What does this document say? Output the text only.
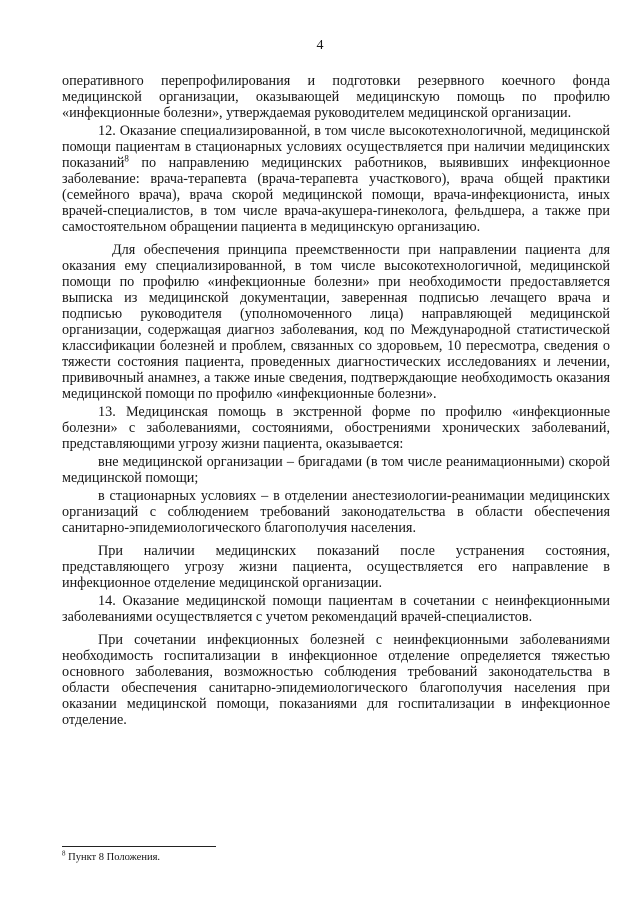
4

оперативного перепрофилирования и подготовки резервного коечного фонда медицинской организации, оказывающей медицинскую помощь по профилю «инфекционные болезни», утверждаемая руководителем медицинской организации.

12. Оказание специализированной, в том числе высокотехнологичной, медицинской помощи пациентам в стационарных условиях осуществляется при наличии медицинских показаний$^8$ по направлению медицинских работников, выявивших инфекционное заболевание: врача-терапевта (врача-терапевта участкового), врача общей практики (семейного врача), врача скорой медицинской помощи, врача-инфекциониста, иных врачей-специалистов, в том числе врача-акушера-гинеколога, фельдшера, а также при самостоятельном обращении пациента в медицинскую организацию.

Для обеспечения принципа преемственности при направлении пациента для оказания ему специализированной, в том числе высокотехнологичной, медицинской помощи по профилю «инфекционные болезни» при необходимости предоставляется выписка из медицинской документации, заверенная подписью лечащего врача и подписью руководителя (уполномоченного лица) направляющей медицинской организации, содержащая диагноз заболевания, код по Международной статистической классификации болезней и проблем, связанных со здоровьем, 10 пересмотра, сведения о тяжести состояния пациента, проведенных диагностических исследованиях и лечении, прививочный анамнез, а также иные сведения, подтверждающие необходимость оказания медицинской помощи по профилю «инфекционные болезни».

13. Медицинская помощь в экстренной форме по профилю «инфекционные болезни» с заболеваниями, состояниями, обострениями хронических заболеваний, представляющими угрозу жизни пациента, оказывается:

вне медицинской организации – бригадами (в том числе реанимационными) скорой медицинской помощи;

в стационарных условиях – в отделении анестезиологии-реанимации медицинских организаций с соблюдением требований законодательства в области обеспечения санитарно-эпидемиологического благополучия населения.

При наличии медицинских показаний после устранения состояния, представляющего угрозу жизни пациента, осуществляется его направление в инфекционное отделение медицинской организации.

14. Оказание медицинской помощи пациентам в сочетании с неинфекционными заболеваниями осуществляется с учетом рекомендаций врачей-специалистов.

При сочетании инфекционных болезней с неинфекционными заболеваниями необходимость госпитализации в инфекционное отделение определяется тяжестью основного заболевания, возможностью соблюдения требований законодательства в области обеспечения санитарно-эпидемиологического благополучия населения при оказании медицинской помощи, показаниями для госпитализации в инфекционное отделение.

$^8$ Пункт 8 Положения.
